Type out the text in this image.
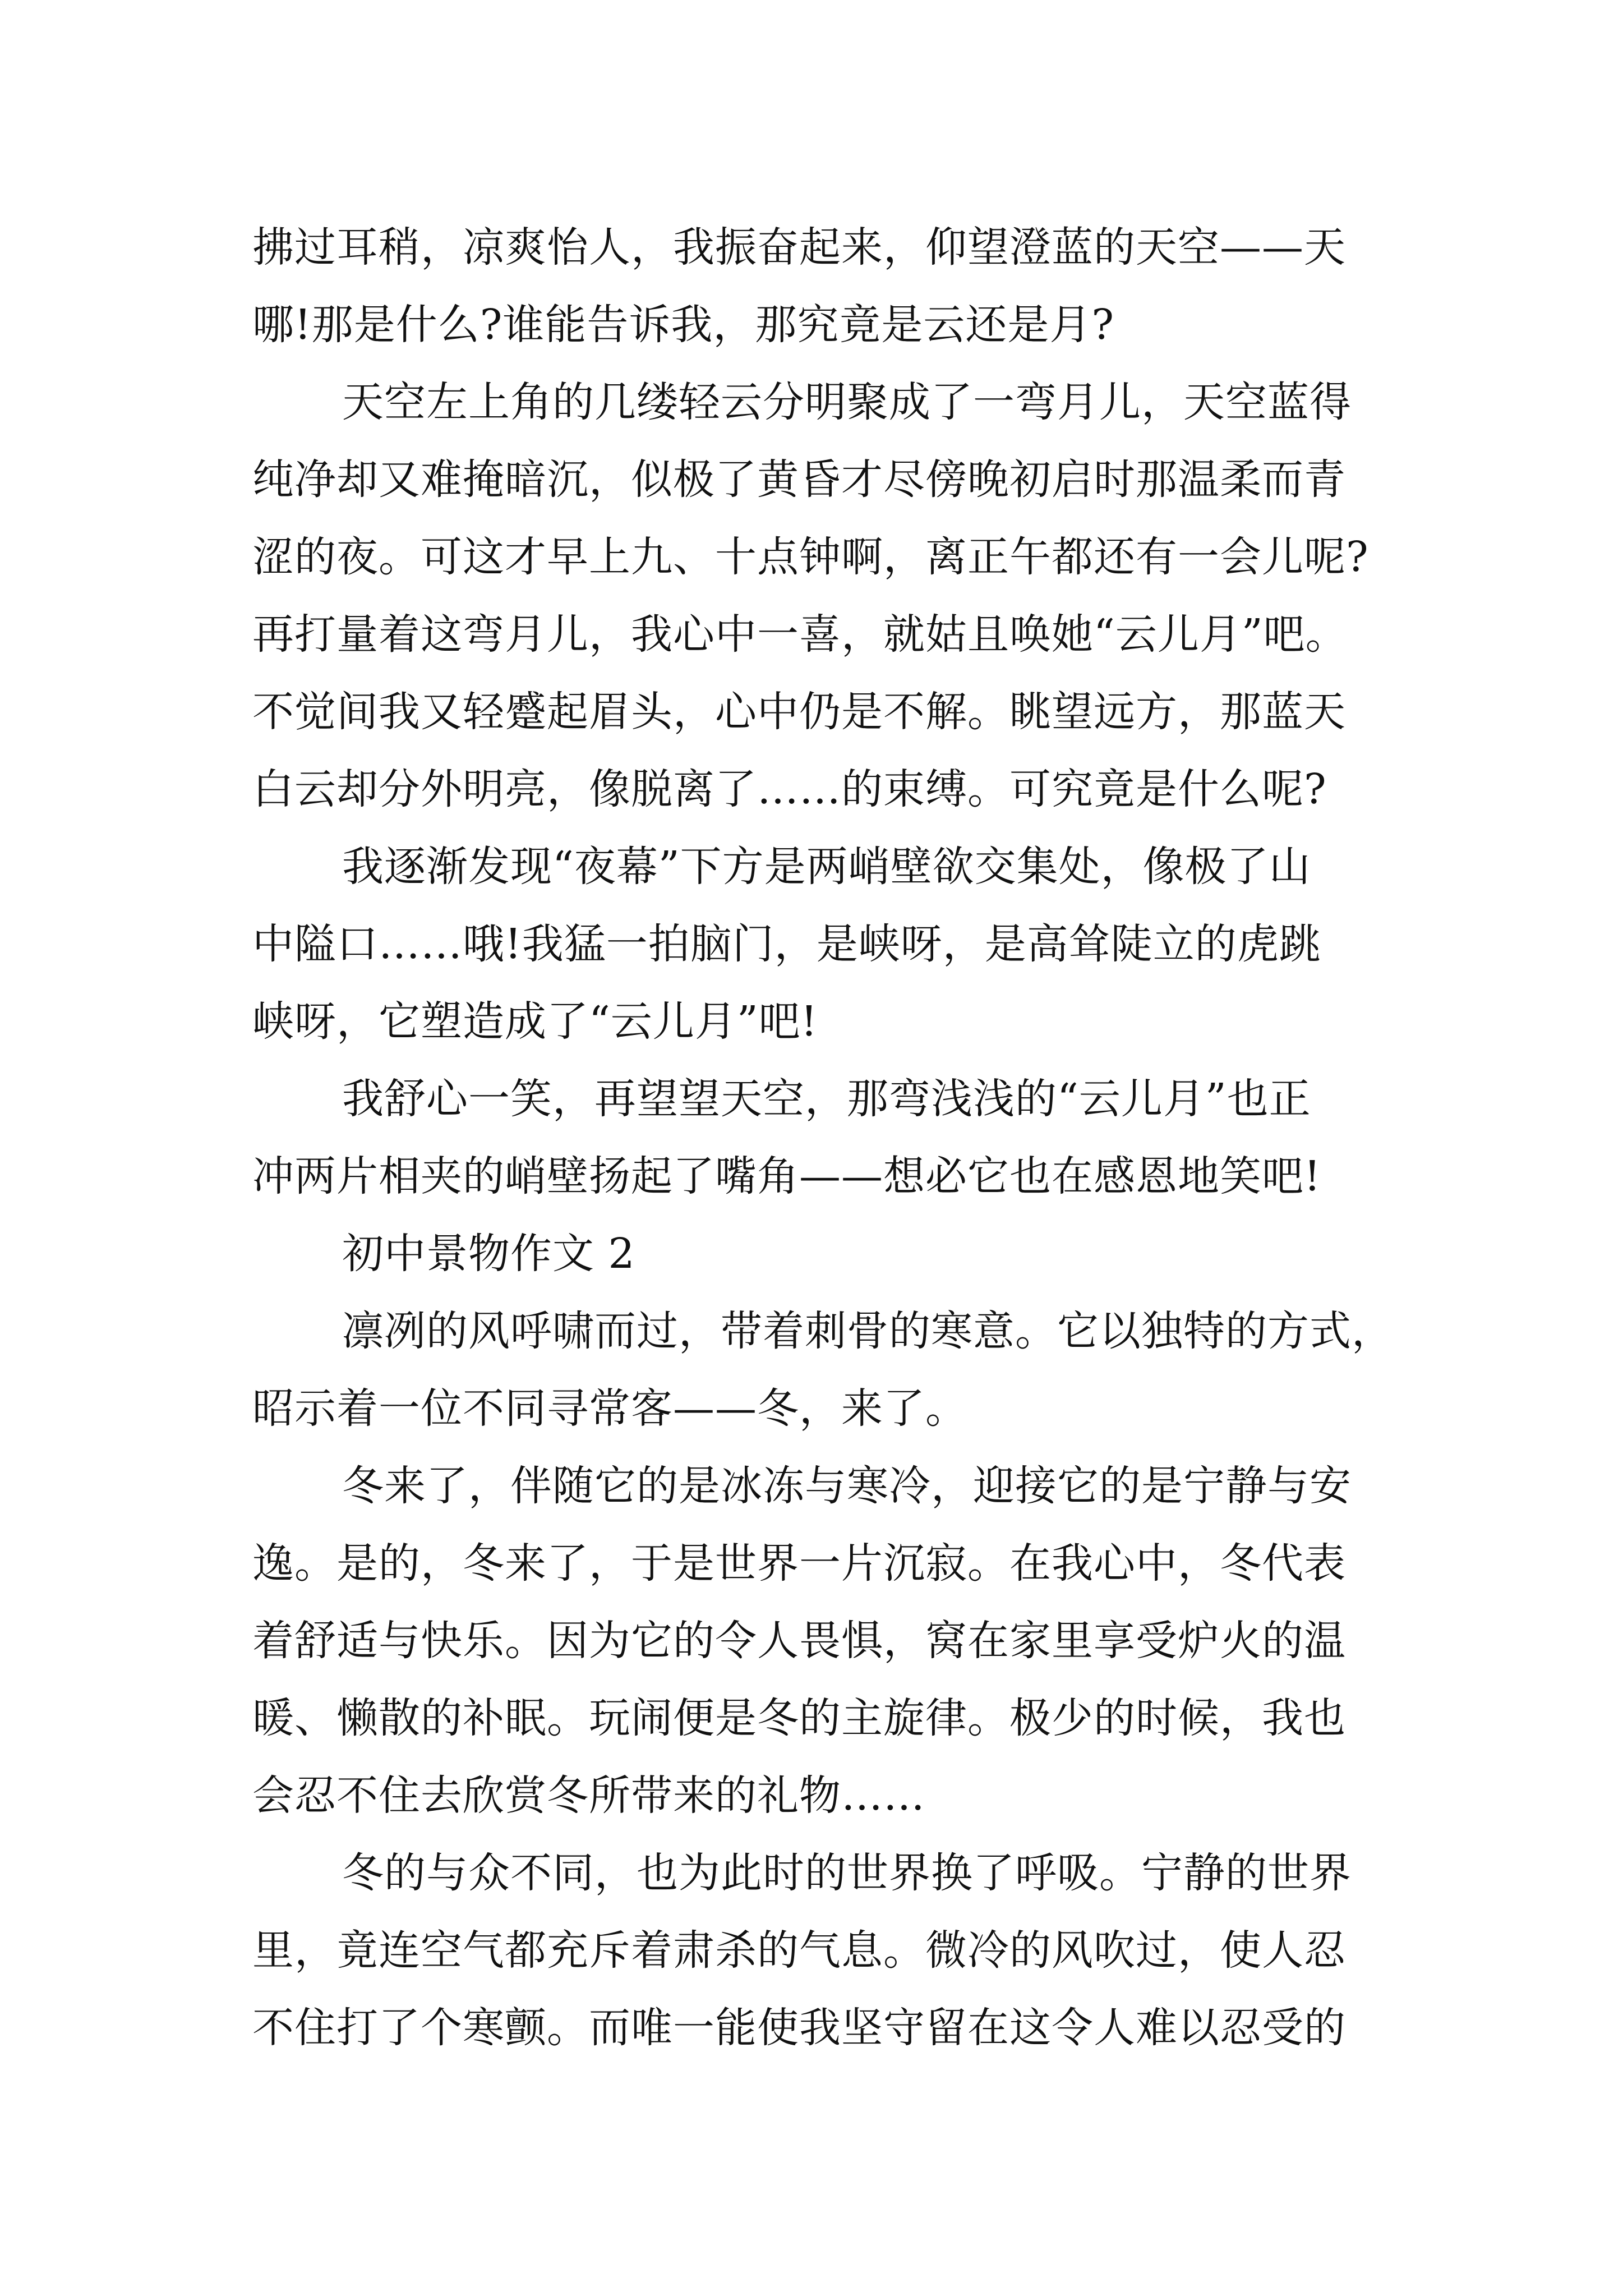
拂过耳稍，凉爽怡人，我振奋起来，仰望澄蓝的天空——天
哪!那是什么?谁能告诉我，那究竟是云还是月?
天空左上角的几缕轻云分明聚成了一弯月儿，天空蓝得
纯净却又难掩暗沉，似极了黄昏才尽傍晚初启时那温柔而青
涩的夜。可这才早上九、十点钟啊，离正午都还有一会儿呢?
再打量着这弯月儿，我心中一喜，就姑且唤她“云儿月”吧。
不觉间我又轻蹙起眉头，心中仍是不解。眺望远方，那蓝天
白云却分外明亮，像脱离了……的束缚。可究竟是什么呢?
我逐渐发现“夜幕”下方是两峭壁欲交集处，像极了山
中隘口……哦!我猛一拍脑门，是峡呀，是高耸陡立的虎跳
峡呀，它塑造成了“云儿月”吧!
我舒心一笑，再望望天空，那弯浅浅的“云儿月”也正
冲两片相夹的峭壁扬起了嘴角——想必它也在感恩地笑吧!
初中景物作文 2
凛冽的风呼啸而过，带着刺骨的寒意。它以独特的方式，
昭示着一位不同寻常客——冬，来了。
冬来了，伴随它的是冰冻与寒冷，迎接它的是宁静与安
逸。是的，冬来了，于是世界一片沉寂。在我心中，冬代表
着舒适与快乐。因为它的令人畏惧，窝在家里享受炉火的温
暖、懒散的补眠。玩闹便是冬的主旋律。极少的时候，我也
会忍不住去欣赏冬所带来的礼物……
冬的与众不同，也为此时的世界换了呼吸。宁静的世界
里，竟连空气都充斥着肃杀的气息。微冷的风吹过，使人忍
不住打了个寒颤。而唯一能使我坚守留在这令人难以忍受的
